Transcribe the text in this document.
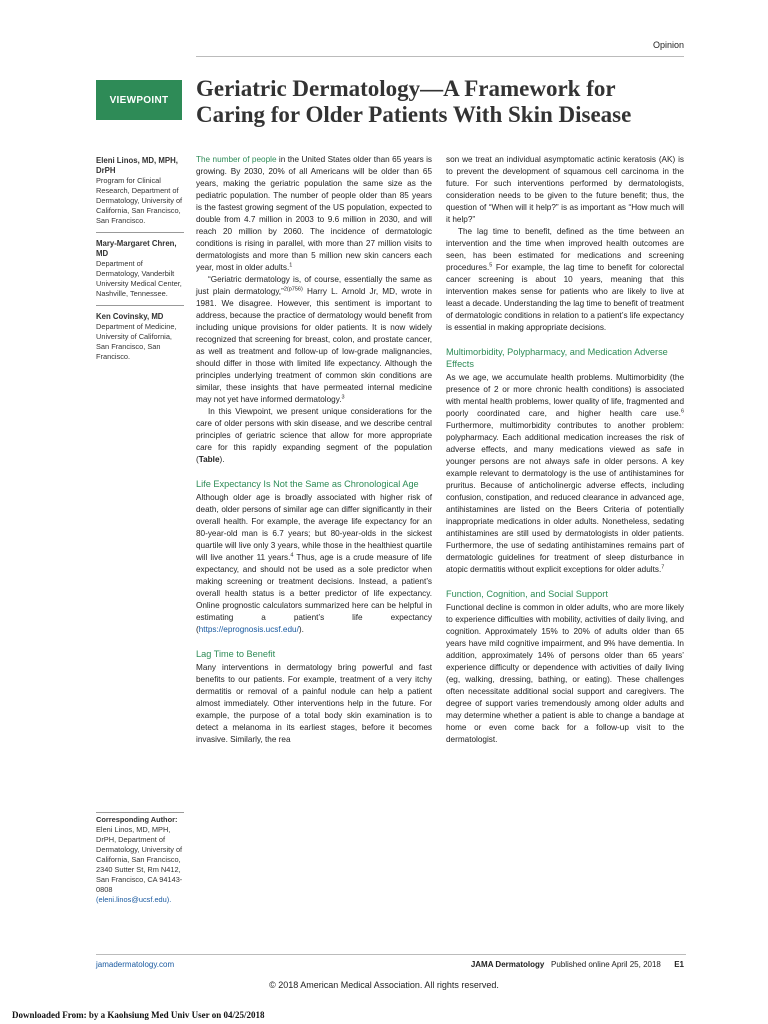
Opinion
VIEWPOINT	Geriatric Dermatology—A Framework for Caring for Older Patients With Skin Disease
Eleni Linos, MD, MPH, DrPH
Program for Clinical Research, Department of Dermatology, University of California, San Francisco, San Francisco.
Mary-Margaret Chren, MD
Department of Dermatology, Vanderbilt University Medical Center, Nashville, Tennessee.
Ken Covinsky, MD
Department of Medicine, University of California, San Francisco, San Francisco.
Corresponding Author: Eleni Linos, MD, MPH, DrPH, Department of Dermatology, University of California, San Francisco, 2340 Sutter St, Rm N412, San Francisco, CA 94143-0808 (eleni.linos@ucsf.edu).

The number of people in the United States older than 65 years is growing. By 2030, 20% of all Americans will be older than 65 years, making the geriatric population the same size as the pediatric population. The number of people older than 85 years is the fastest growing segment of the US population, expected to double from 4.7 million in 2003 to 9.6 million in 2030, and will reach 20 million by 2060. The incidence of dermatologic conditions is rising in parallel, with more than 27 million visits to dermatologists and more than 5 million new skin cancers each year, most in older adults.$^1$

“Geriatric dermatology is, of course, essentially the same as just plain dermatology,”$^{2(p756)}$ Harry L. Arnold Jr, MD, wrote in 1981. We disagree. However, this sentiment is important to address, because the practice of dermatology would benefit from including unique provisions for older patients. It is now widely recognized that screening for breast, colon, and prostate cancer, as well as treatment and follow-up of low-grade malignancies, should differ in those with limited life expectancy. Although the principles underlying treatment of common skin conditions are similar, these insights that have permeated internal medicine may not yet have informed dermatology.$^3$

In this Viewpoint, we present unique considerations for the care of older persons with skin disease, and we describe central principles of geriatric science that allow for more appropriate care for this rapidly expanding segment of the population (Table).

Life Expectancy Is Not the Same as Chronological Age

Although older age is broadly associated with higher risk of death, older persons of similar age can differ significantly in their overall health. For example, the average life expectancy for an 80-year-old man is 6.7 years; but 80-year-olds in the sickest quartile will live only 3 years, while those in the healthiest quartile will live another 11 years.$^4$ Thus, age is a crude measure of life expectancy, and should not be used as a sole predictor when making screening or treatment decisions. Instead, a patient’s overall health status is a better predictor of life expectancy. Online prognostic calculators summarized here can be helpful in estimating a patient’s life expectancy (https://eprognosis.ucsf.edu/).

Lag Time to Benefit

Many interventions in dermatology bring powerful and fast benefits to our patients. For example, treatment of a very itchy dermatitis or removal of a painful nodule can help a patient almost immediately. Other interventions help in the future. For example, the purpose of a total body skin examination is to detect a melanoma in its earliest stages, before it becomes invasive. Similarly, the rea

son we treat an individual asymptomatic actinic keratosis (AK) is to prevent the development of squamous cell carcinoma in the future. For such interventions performed by dermatologists, consideration needs to be given to the future benefit; thus, the question of “When will it help?” is as important as “How much will it help?”

The lag time to benefit, defined as the time between an intervention and the time when improved health outcomes are seen, has been estimated for medications and screening procedures.$^5$ For example, the lag time to benefit for colorectal cancer screening is about 10 years, meaning that this intervention makes sense for patients who are likely to live at least a decade. Understanding the lag time to benefit of treatment of dermatologic conditions in relation to a patient’s life expectancy is essential in making appropriate decisions.

Multimorbidity, Polypharmacy, and Medication Adverse Effects

As we age, we accumulate health problems. Multimorbidity (the presence of 2 or more chronic health conditions) is associated with mental health problems, lower quality of life, fragmented and poorly coordinated care, and higher health care use.$^6$ Furthermore, multimorbidity contributes to another problem: polypharmacy. Each additional medication increases the risk of adverse effects, and many medications viewed as safe in younger persons are not always safe in older persons. A key example relevant to dermatology is the use of antihistamines for pruritus. Because of anticholinergic adverse effects, including confusion, constipation, and reduced clearance in advanced age, antihistamines are listed on the Beers Criteria of potentially inappropriate medications in older adults. Nonetheless, sedating antihistamines are still used by dermatologists in older patients. Furthermore, the use of sedating antihistamines remains part of dermatologic guidelines for treatment of sleep disturbance in atopic dermatitis without explicit exceptions for older adults.$^7$

Function, Cognition, and Social Support

Functional decline is common in older adults, who are more likely to experience difficulties with mobility, activities of daily living, and cognition. Approximately 15% to 20% of adults older than 65 years have mild cognitive impairment, and 9% have dementia. In addition, approximately 14% of persons older than 65 years’ experience difficulty or dependence with activities of daily living (eg, walking, dressing, bathing, or eating). These challenges often necessitate additional social support and caregivers. The degree of support varies tremendously among older adults and may determine whether a patient is able to change a bandage at home or even come back for a follow-up visit to the dermatologist.

jamadermatology.com	JAMA Dermatology Published online April 25, 2018 E1
© 2018 American Medical Association. All rights reserved.
Downloaded From: by a Kaohsiung Med Univ User on 04/25/2018
